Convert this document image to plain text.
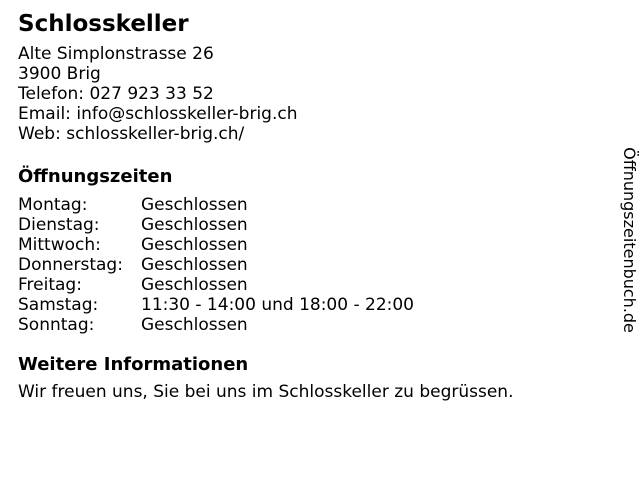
Schlosskeller
Alte Simplonstrasse 26
3900 Brig
Telefon: 027 923 33 52
Email: info@schlosskeller-brig.ch
Web: schlosskeller-brig.ch/
Öffnungszeiten
Montag:	Geschlossen
Dienstag:	Geschlossen
Mittwoch:	Geschlossen
Donnerstag:	Geschlossen
Freitag:	Geschlossen
Samstag:	11:30 - 14:00 und 18:00 - 22:00
Sonntag:	Geschlossen
Weitere Informationen
Wir freuen uns, Sie bei uns im Schlosskeller zu begrüssen.
Öffnungszeitenbuch.de
